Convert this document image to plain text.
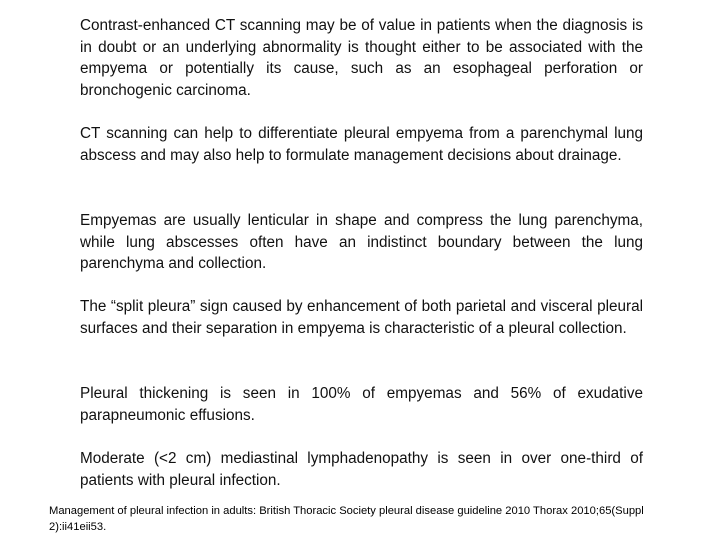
Contrast-enhanced CT scanning may be of value in patients when the diagnosis is in doubt or an underlying abnormality is thought either to be associated with the empyema or potentially its cause, such as an esophageal perforation or bronchogenic carcinoma.

CT scanning can help to differentiate pleural empyema from a parenchymal lung abscess and may also help to formulate management decisions about drainage.

Empyemas are usually lenticular in shape and compress the lung parenchyma, while lung abscesses often have an indistinct boundary between the lung parenchyma and collection.

The “split pleura” sign caused by enhancement of both parietal and visceral pleural surfaces and their separation in empyema is characteristic of a pleural collection.

Pleural thickening is seen in 100% of empyemas and 56% of exudative parapneumonic effusions.

Moderate (<2 cm) mediastinal lymphadenopathy is seen in over one-third of patients with pleural infection.

Management of pleural infection in adults: British Thoracic Society pleural disease guideline 2010 Thorax 2010;65(Suppl 2):ii41eii53.
